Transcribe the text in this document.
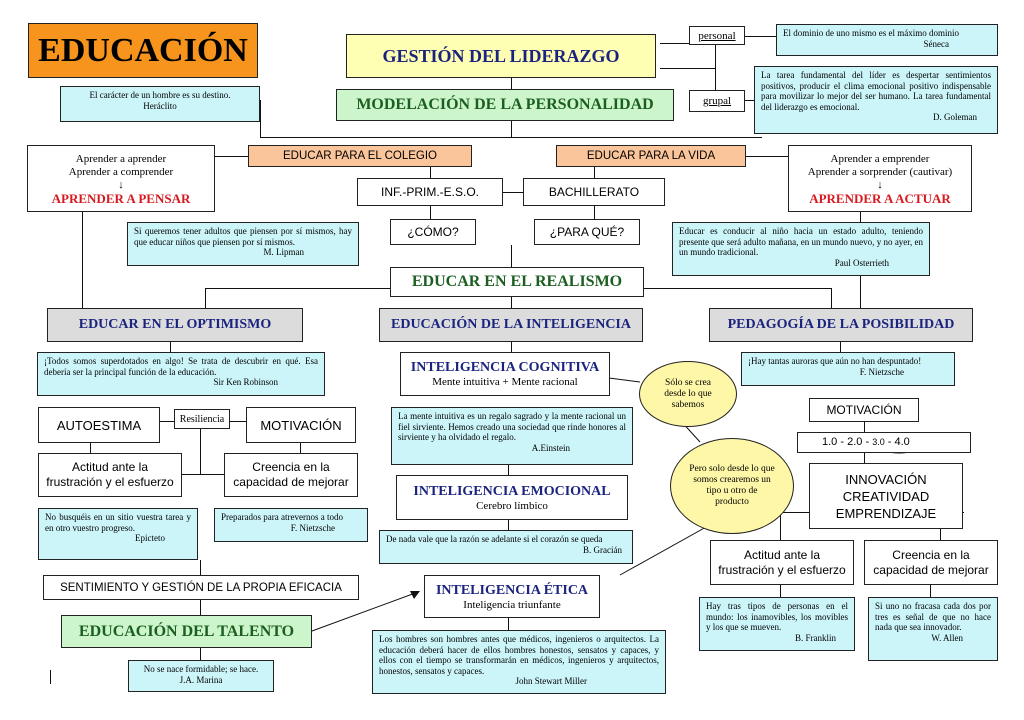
EDUCACIÓN
El carácter de un hombre es su destino.
Heráclito
GESTIÓN DEL LIDERAZGO
MODELACIÓN DE LA PERSONALIDAD
personal
grupal
El dominio de uno mismo es el máximo dominio
Séneca
La tarea fundamental del líder es despertar sentimientos positivos, producir el clima emocional positivo indispensable para movilizar lo mejor del ser humano. La tarea fundamental del liderazgo es emocional.
D. Goleman
Aprender a aprender
Aprender a comprender
↓
APRENDER A PENSAR
EDUCAR PARA EL COLEGIO	EDUCAR PARA LA VIDA	Aprender a emprender
Aprender a sorprender (cautivar)
↓
APRENDER A ACTUAR
INF.-PRIM.-E.S.O.	BACHILLERATO
¿CÓMO?	¿PARA QUÉ?
Si queremos tener adultos que piensen por sí mismos, hay que educar niños que piensen por sí mismos.
M. Lipman
Educar es conducir al niño hacia un estado adulto, teniendo presente que será adulto mañana, en un mundo nuevo, y no ayer, en un mundo tradicional.
Paul Osterrieth
EDUCAR EN EL REALISMO
EDUCAR EN EL OPTIMISMO	EDUCACIÓN DE LA INTELIGENCIA	PEDAGOGÍA DE LA POSIBILIDAD
¡Todos somos superdotados en algo! Se trata de descubrir en qué. Esa debería ser la principal función de la educación.
Sir Ken Robinson
AUTOESTIMA	Resiliencia	MOTIVACIÓN
Actitud ante la frustración y el esfuerzo
Creencia en la capacidad de mejorar
No busquéis en un sitio vuestra tarea y en otro vuestro progreso.
Epicteto
Preparados para atrevernos a todo
F. Nietzsche
SENTIMIENTO Y GESTIÓN DE LA PROPIA EFICACIA
EDUCACIÓN DEL TALENTO
No se nace formidable; se hace.
J.A. Marina
INTELIGENCIA COGNITIVA
Mente intuitiva + Mente racional
La mente intuitiva es un regalo sagrado y la mente racional un fiel sirviente. Hemos creado una sociedad que rinde honores al sirviente y ha olvidado el regalo.
A.Einstein
INTELIGENCIA EMOCIONAL
Cerebro límbico
De nada vale que la razón se adelante si el corazón se queda
B. Gracián
INTELIGENCIA ÉTICA
Inteligencia triunfante
Los hombres son hombres antes que médicos, ingenieros o arquitectos. La educación deberá hacer de ellos hombres honestos, sensatos y capaces, y ellos con el tiempo se transformarán en médicos, ingenieros y arquitectos, honestos, sensatos y capaces.
John Stewart Miller
Sólo se crea desde lo que sabemos
Pero solo desde lo que somos crearemos un tipo u otro de producto
¡Hay tantas auroras que aún no han despuntado!
F. Nietzsche
MOTIVACIÓN
1.0 - 2.0 - 3.0 - 4.0
INNOVACIÓN
CREATIVIDAD
EMPRENDIZAJE
Actitud ante la frustración y el esfuerzo
Creencia en la capacidad de mejorar
Hay tras tipos de personas en el mundo: los inamovibles, los movibles y los que se mueven.
B. Franklin
Si uno no fracasa cada dos por tres es señal de que no hace nada que sea innovador.
W. Allen
